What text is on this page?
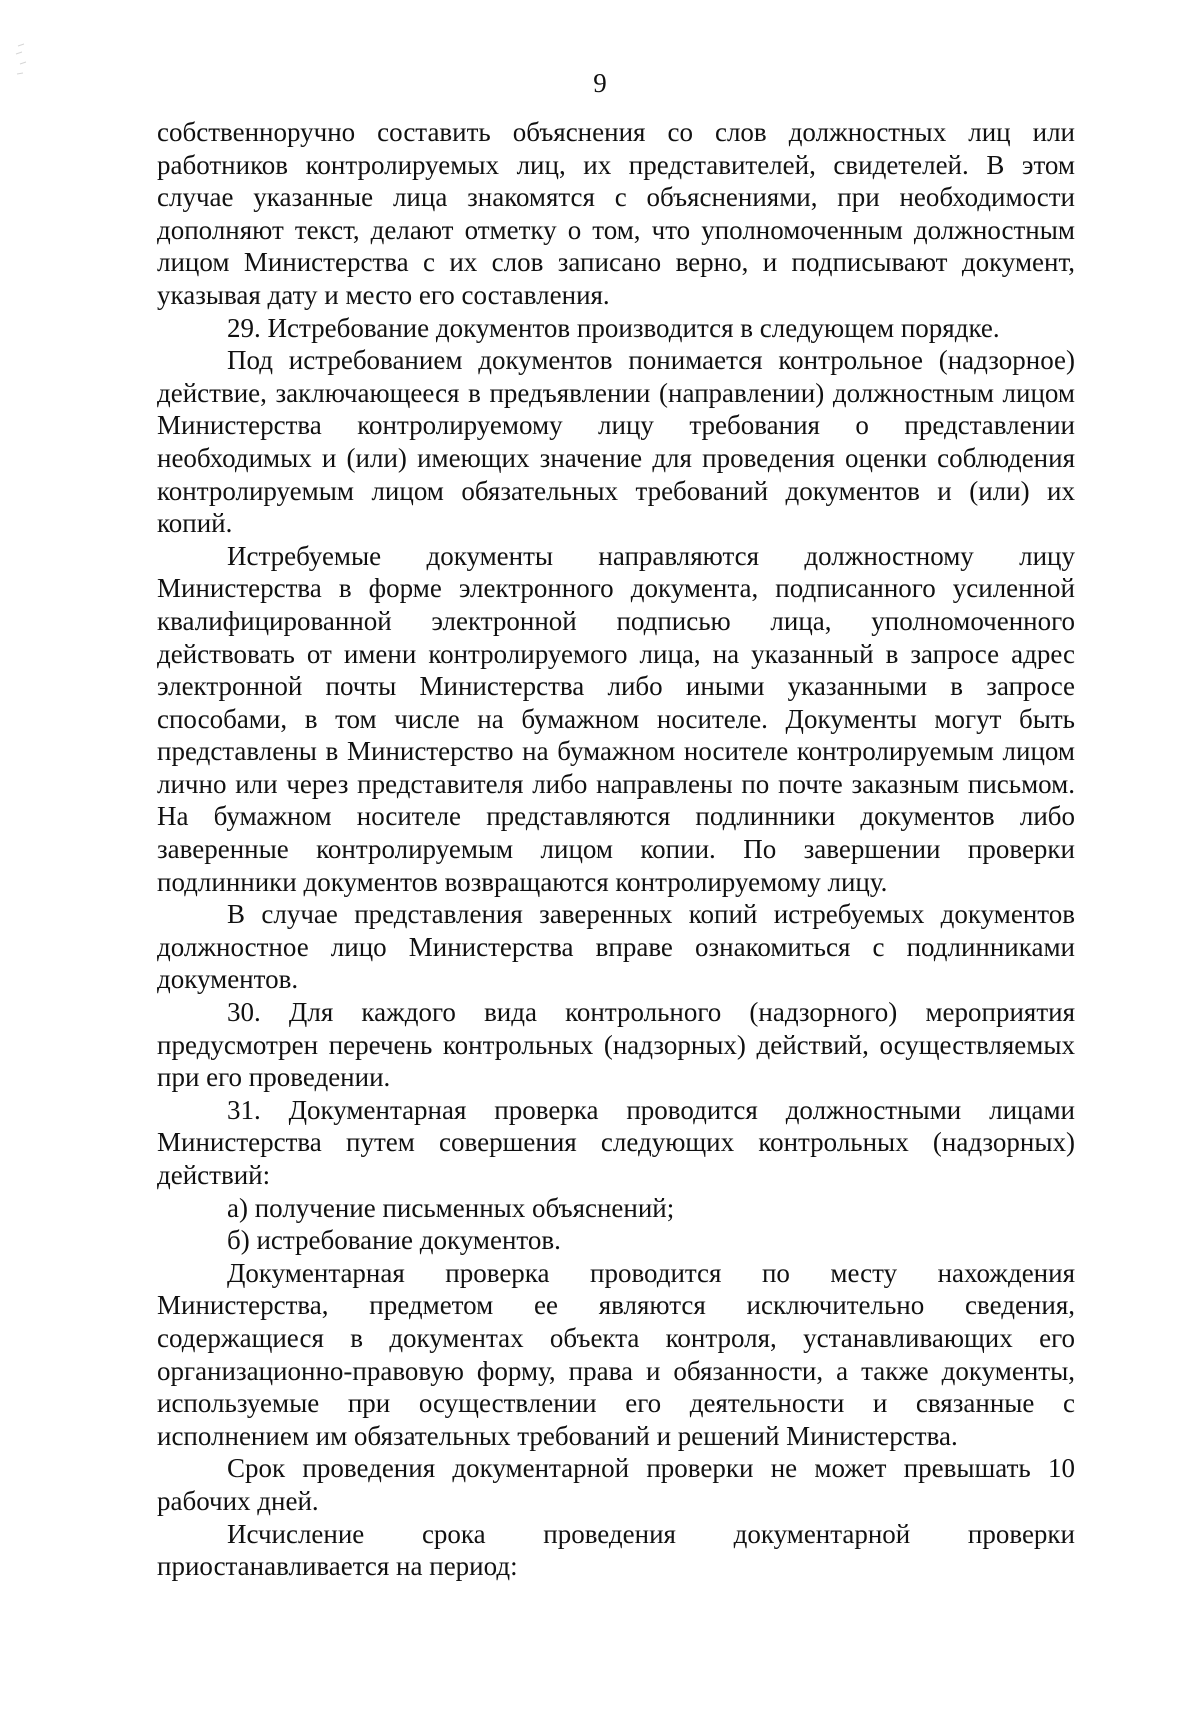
9

собственноручно составить объяснения со слов должностных лиц или работников контролируемых лиц, их представителей, свидетелей. В этом случае указанные лица знакомятся с объяснениями, при необходимости дополняют текст, делают отметку о том, что уполномоченным должностным лицом Министерства с их слов записано верно, и подписывают документ, указывая дату и место его составления.

29. Истребование документов производится в следующем порядке.

Под истребованием документов понимается контрольное (надзорное) действие, заключающееся в предъявлении (направлении) должностным лицом Министерства контролируемому лицу требования о представлении необходимых и (или) имеющих значение для проведения оценки соблюдения контролируемым лицом обязательных требований документов и (или) их копий.

Истребуемые документы направляются должностному лицу Министерства в форме электронного документа, подписанного усиленной квалифицированной электронной подписью лица, уполномоченного действовать от имени контролируемого лица, на указанный в запросе адрес электронной почты Министерства либо иными указанными в запросе способами, в том числе на бумажном носителе. Документы могут быть представлены в Министерство на бумажном носителе контролируемым лицом лично или через представителя либо направлены по почте заказным письмом. На бумажном носителе представляются подлинники документов либо заверенные контролируемым лицом копии. По завершении проверки подлинники документов возвращаются контролируемому лицу.

В случае представления заверенных копий истребуемых документов должностное лицо Министерства вправе ознакомиться с подлинниками документов.

30. Для каждого вида контрольного (надзорного) мероприятия предусмотрен перечень контрольных (надзорных) действий, осуществляемых при его проведении.

31. Документарная проверка проводится должностными лицами Министерства путем совершения следующих контрольных (надзорных) действий:

а) получение письменных объяснений;

б) истребование документов.

Документарная проверка проводится по месту нахождения Министерства, предметом ее являются исключительно сведения, содержащиеся в документах объекта контроля, устанавливающих его организационно-правовую форму, права и обязанности, а также документы, используемые при осуществлении его деятельности и связанные с исполнением им обязательных требований и решений Министерства.

Срок проведения документарной проверки не может превышать 10 рабочих дней.

Исчисление срока проведения документарной проверки приостанавливается на период:
